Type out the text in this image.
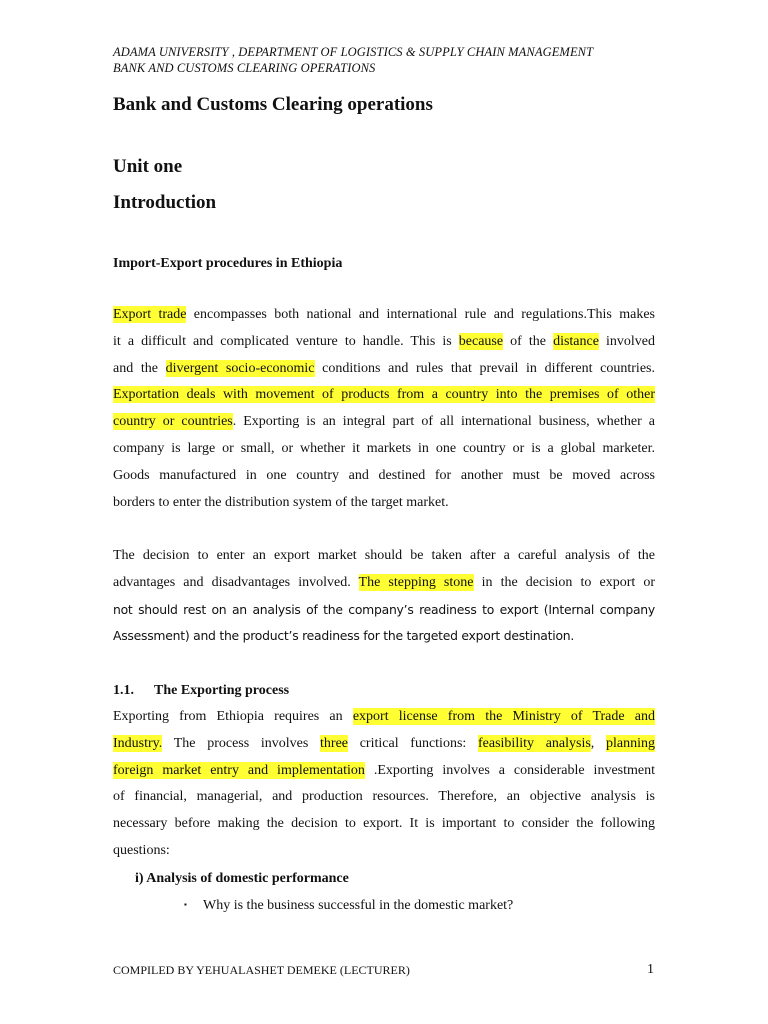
ADAMA UNIVERSITY , DEPARTMENT OF LOGISTICS & SUPPLY CHAIN MANAGEMENT
BANK AND CUSTOMS CLEARING OPERATIONS
Bank and Customs Clearing operations
Unit one
Introduction
Import-Export procedures in Ethiopia
Export trade encompasses both national and international rule and regulations.This makes
it a difficult and complicated venture to handle. This is because of the distance involved
and the divergent socio-economic conditions and rules that prevail in different countries.
Exportation deals with movement of products from a country into the premises of other
country or countries. Exporting is an integral part of all international business, whether a
company is large or small, or whether it markets in one country or is a global marketer.
Goods manufactured in one country and destined for another must be moved across
borders to enter the distribution system of the target market.
The decision to enter an export market should be taken after a careful analysis of the
advantages and disadvantages involved. The stepping stone in the decision to export or
not should rest on an analysis of the company’s readiness to export (Internal company
Assessment) and the product’s readiness for the targeted export destination.
1.1. The Exporting process
Exporting from Ethiopia requires an export license from the Ministry of Trade and
Industry. The process involves three critical functions: feasibility analysis, planning
foreign market entry and implementation .Exporting involves a considerable investment
of financial, managerial, and production resources. Therefore, an objective analysis is
necessary before making the decision to export. It is important to consider the following
questions:
i) Analysis of domestic performance
▪ Why is the business successful in the domestic market?
COMPILED BY YEHUALASHET DEMEKE (LECTURER)	1
